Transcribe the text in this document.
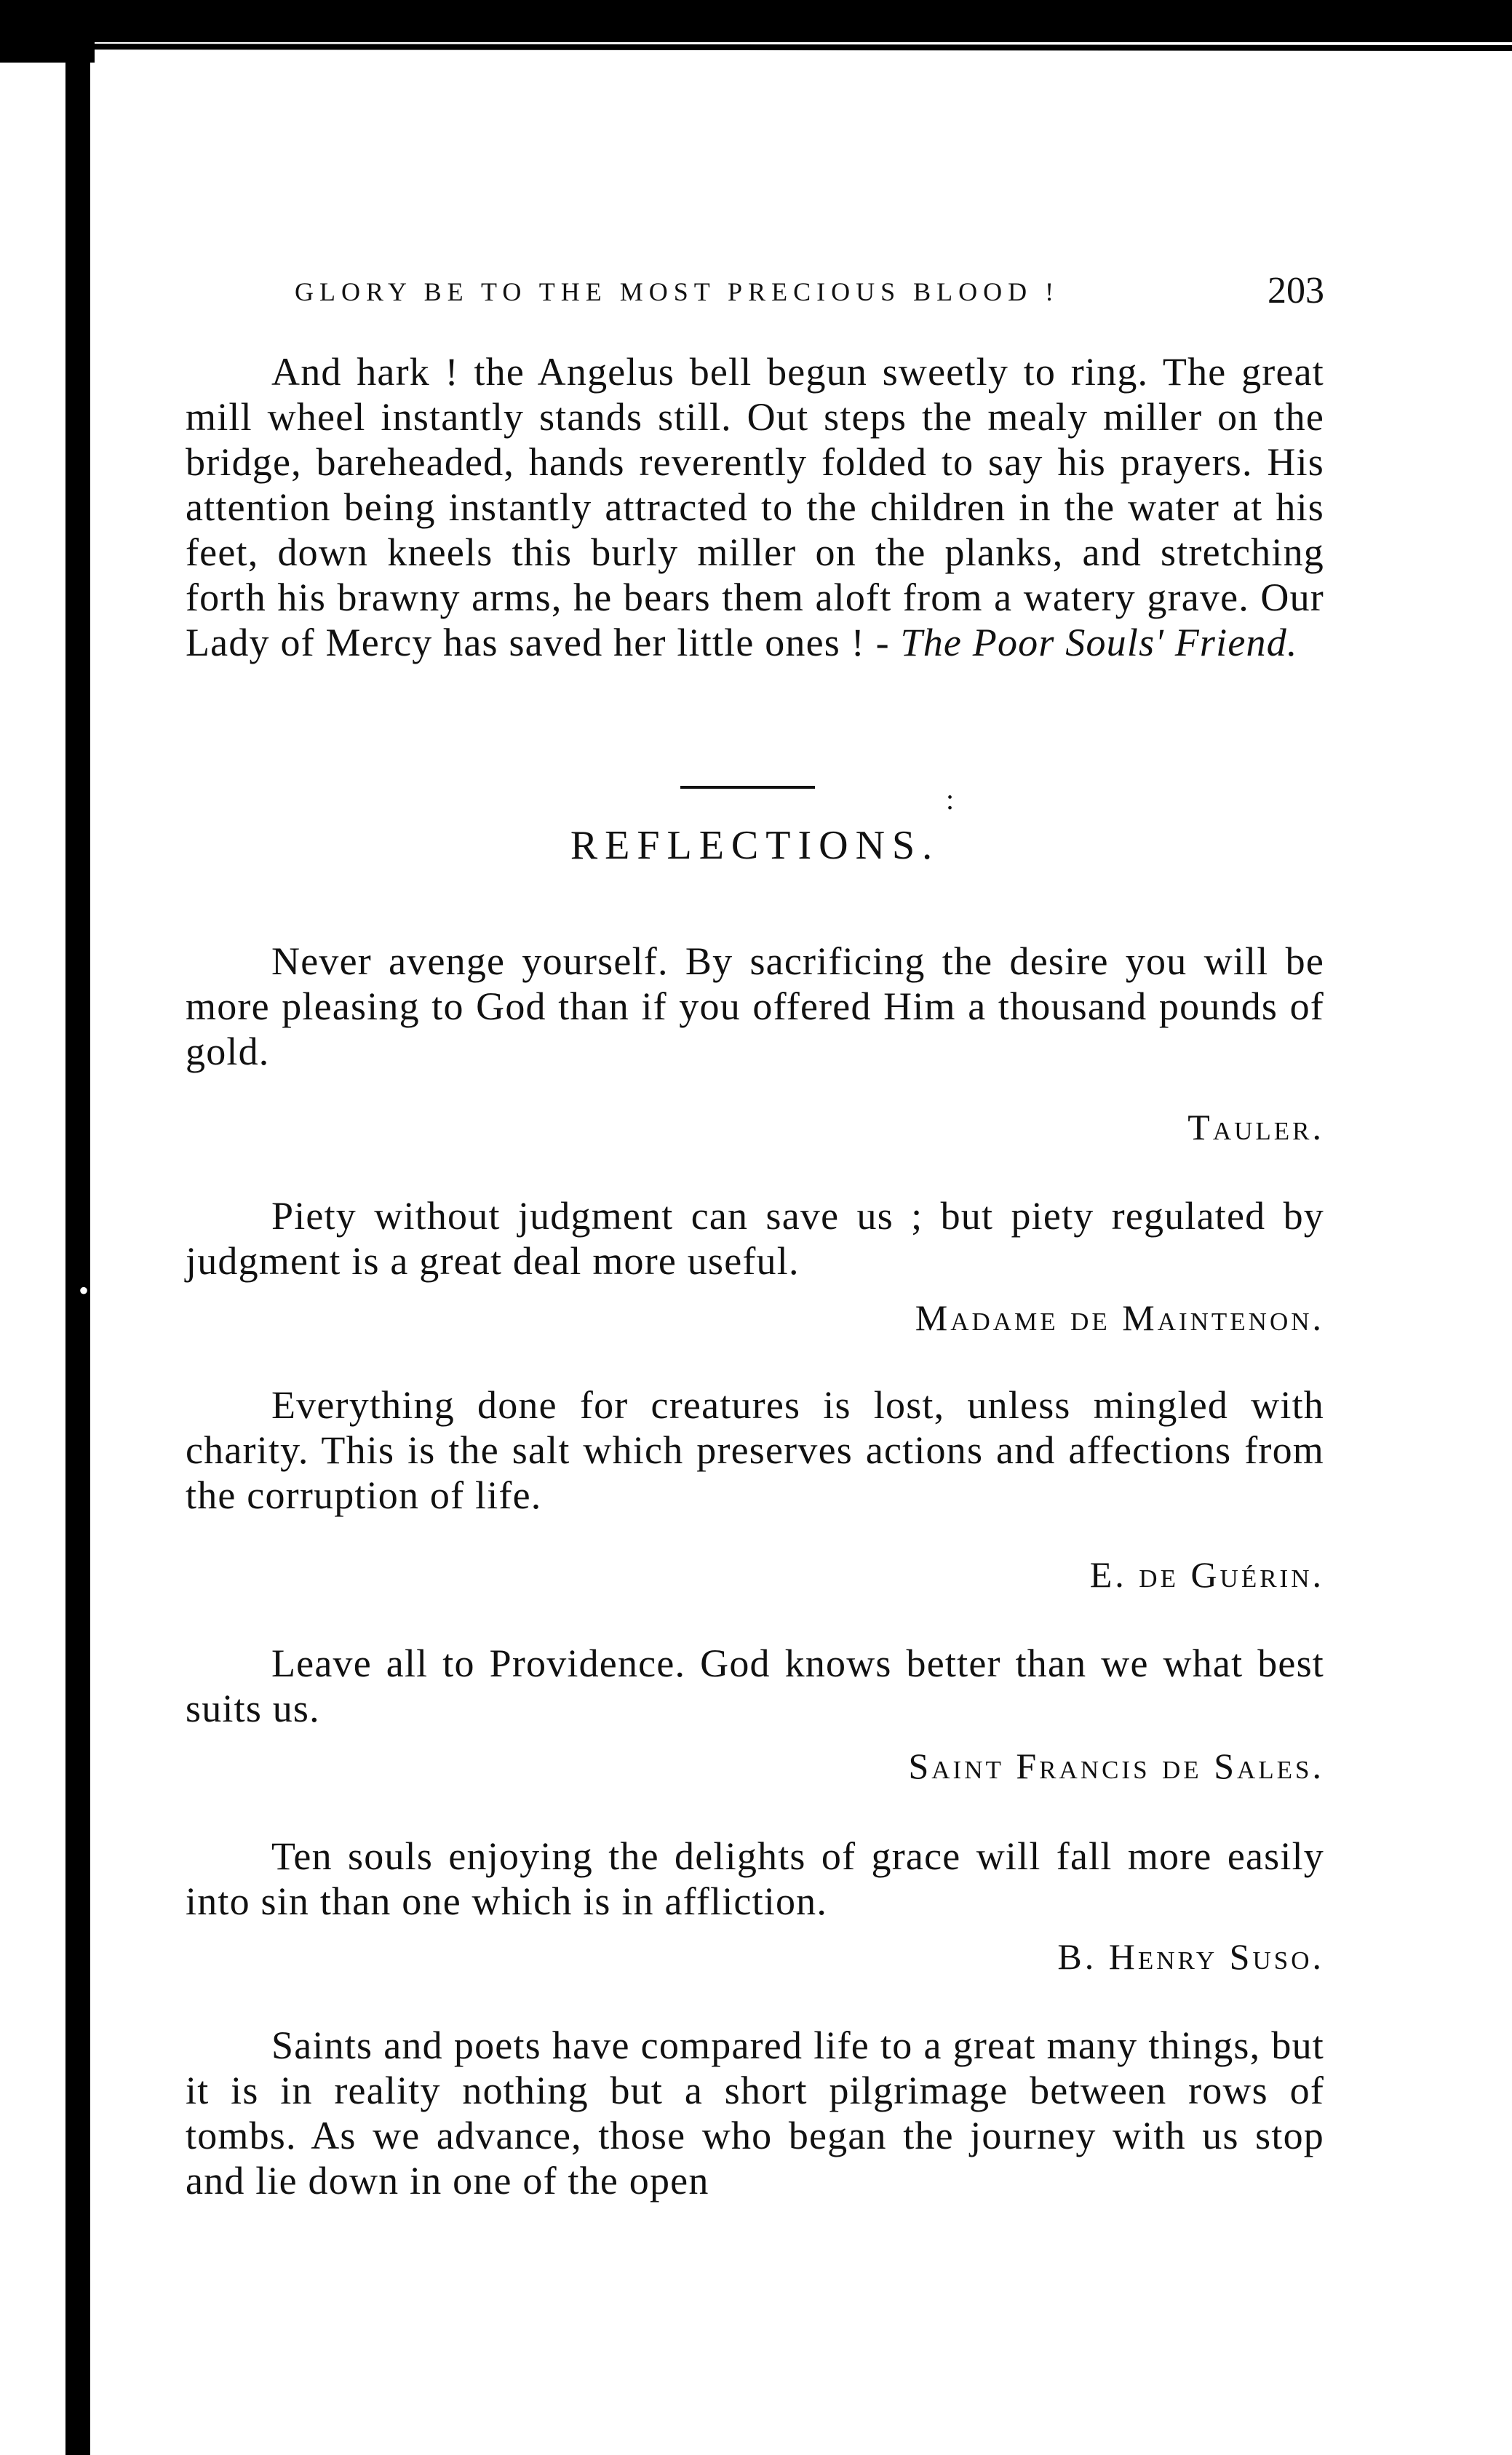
GLORY BE TO THE MOST PRECIOUS BLOOD !	203
And hark ! the Angelus bell begun sweetly to ring. The great mill wheel instantly stands still. Out steps the mealy miller on the bridge, bareheaded, hands reverently folded to say his prayers. His attention being instantly attracted to the children in the water at his feet, down kneels this burly miller on the planks, and stretching forth his brawny arms, he bears them aloft from a watery grave. Our Lady of Mercy has saved her little ones ! - The Poor Souls' Friend.
:
REFLECTIONS.

Never avenge yourself. By sacrificing the desire you will be more pleasing to God than if you offered Him a thousand pounds of gold.

Tauler.

Piety without judgment can save us ; but piety regulated by judgment is a great deal more useful.

Madame de Maintenon.

Everything done for creatures is lost, unless mingled with charity. This is the salt which preserves actions and affections from the corruption of life.

E. de Guérin.

Leave all to Providence. God knows better than we what best suits us.

Saint Francis de Sales.

Ten souls enjoying the delights of grace will fall more easily into sin than one which is in affliction.

B. Henry Suso.

Saints and poets have compared life to a great many things, but it is in reality nothing but a short pilgrimage between rows of tombs. As we advance, those who began the journey with us stop and lie down in one of the open

•
